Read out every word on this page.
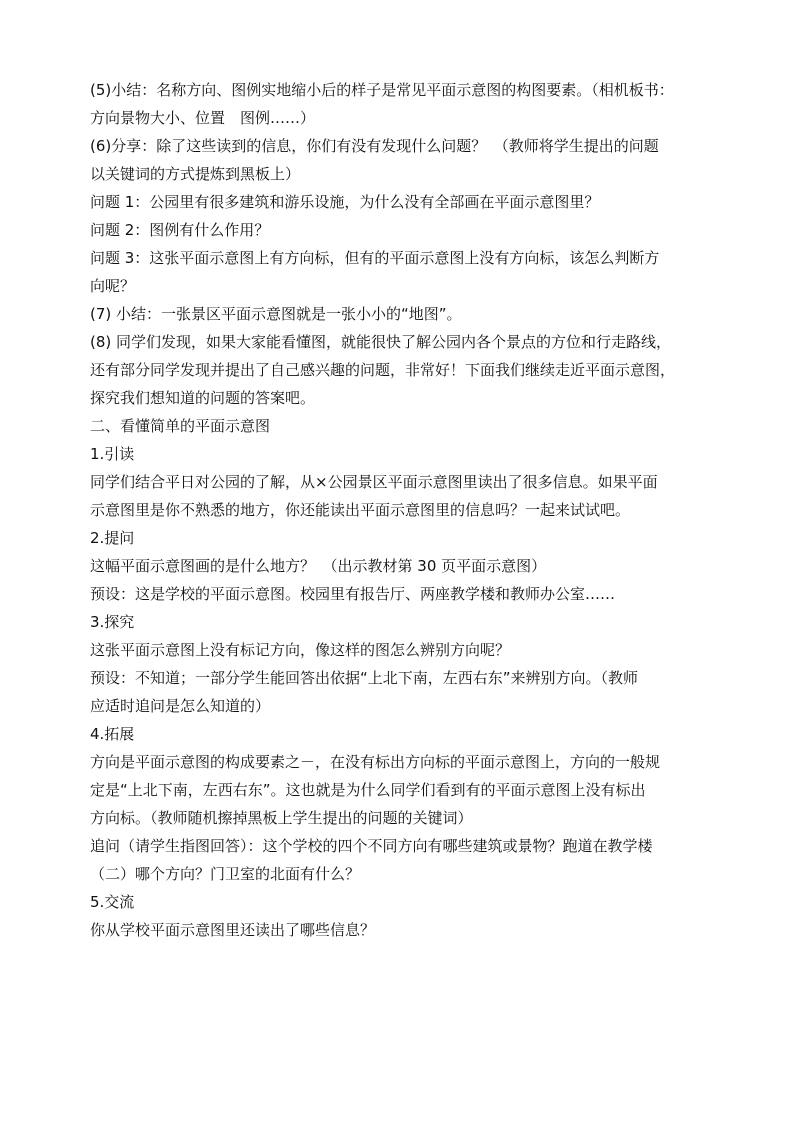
(5)小结：名称方向、图例实地缩小后的样子是常见平面示意图的构图要素。（相机板书：
方向景物大小、位置　图例……）
(6)分享：除了这些读到的信息，你们有没有发现什么问题？　（教师将学生提出的问题
以关键词的方式提炼到黑板上）
问题 1：公园里有很多建筑和游乐设施，为什么没有全部画在平面示意图里？
问题 2：图例有什么作用？
问题 3：这张平面示意图上有方向标，但有的平面示意图上没有方向标，该怎么判断方
向呢？
(7) 小结：一张景区平面示意图就是一张小小的“地图”。
(8) 同学们发现，如果大家能看懂图，就能很快了解公园内各个景点的方位和行走路线，
还有部分同学发现并提出了自己感兴趣的问题，非常好！下面我们继续走近平面示意图，
探究我们想知道的问题的答案吧。
二、看懂简单的平面示意图
1.引读
同学们结合平日对公园的了解，从×公园景区平面示意图里读出了很多信息。如果平面
示意图里是你不熟悉的地方，你还能读出平面示意图里的信息吗？一起来试试吧。
2.提问
这幅平面示意图画的是什么地方？　（出示教材第 30 页平面示意图）
预设：这是学校的平面示意图。校园里有报告厅、两座教学楼和教师办公室……
3.探究
这张平面示意图上没有标记方向，像这样的图怎么辨别方向呢？
预设：不知道；一部分学生能回答出依据“上北下南，左西右东”来辨别方向。（教师
应适时追问是怎么知道的）
4.拓展
方向是平面示意图的构成要素之－，在没有标出方向标的平面示意图上，方向的一般规
定是“上北下南，左西右东”。这也就是为什么同学们看到有的平面示意图上没有标出
方向标。（教师随机擦掉黑板上学生提出的问题的关键词）
追问（请学生指图回答）：这个学校的四个不同方向有哪些建筑或景物？跑道在教学楼
（二）哪个方向？门卫室的北面有什么？
5.交流
你从学校平面示意图里还读出了哪些信息？
